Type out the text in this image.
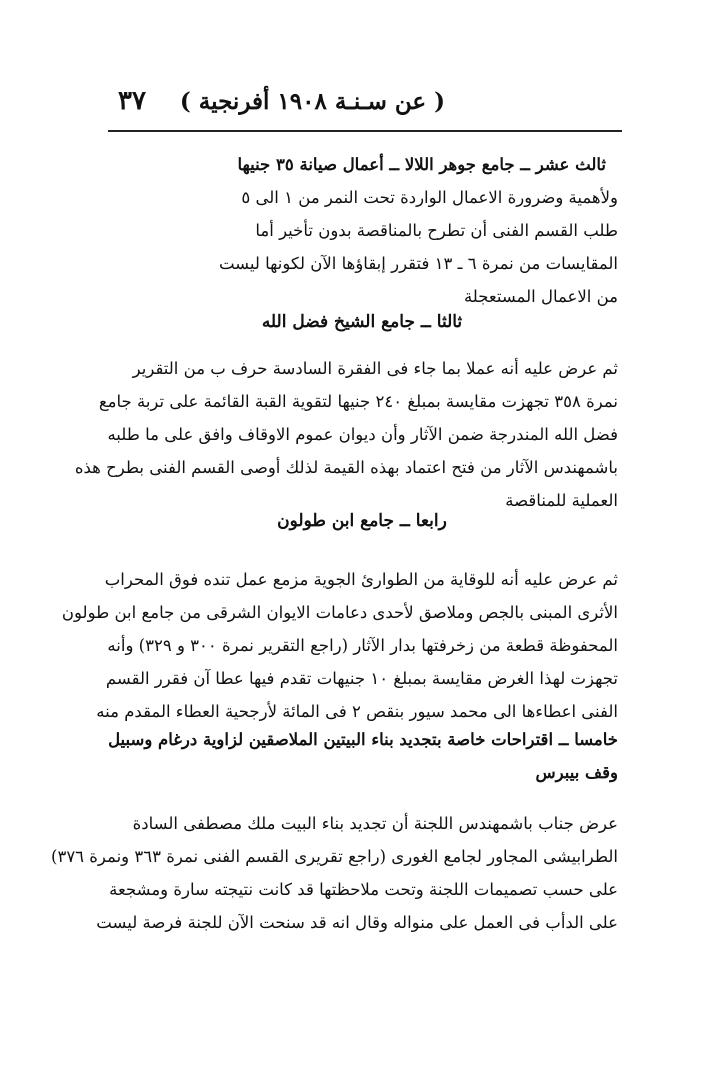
( عن سـنـة ١٩٠٨ أفرنجية )
٣٧
ثالث عشر ــ جامع جوهر اللالا ــ أعمال صيانة ٣٥ جنيها
ولأهمية وضرورة الاعمال الواردة تحت النمر من ١ الى ٥
طلب القسم الفنى أن تطرح بالمناقصة بدون تأخير أما
المقايسات من نمرة ٦ ـ ١٣ فتقرر إبقاؤها الآن لكونها ليست
من الاعمال المستعجلة
ثالثا ــ جامع الشيخ فضل الله
ثم عرض عليه أنه عملا بما جاء فى الفقرة السادسة حرف ب من التقرير
نمرة ٣٥٨ تجهزت مقايسة بمبلغ ٢٤٠ جنيها لتقوية القبة القائمة على تربة جامع
فضل الله المندرجة ضمن الآثار وأن ديوان عموم الاوقاف وافق على ما طلبه
باشمهندس الآثار من فتح اعتماد بهذه القيمة لذلك أوصى القسم الفنى بطرح هذه
العملية للمناقصة
رابعا ــ جامع ابن طولون
ثم عرض عليه أنه للوقاية من الطوارئ الجوية مزمع عمل تنده فوق المحراب
الأثرى المبنى بالجص وملاصق لأحدى دعامات الايوان الشرقى من جامع ابن طولون
المحفوظة قطعة من زخرفتها بدار الآثار (راجع التقرير نمرة ٣٠٠ و ٣٢٩) وأنه
تجهزت لهذا الغرض مقايسة بمبلغ ١٠ جنيهات تقدم فيها عطا آن فقرر القسم
الفنى اعطاءها الى محمد سيور بنقص ٢ فى المائة لأرجحية العطاء المقدم منه
خامسا ــ اقتراحات خاصة بتجديد بناء البيتين الملاصقين لزاوية درغام وسبيل
وقف بيبرس
عرض جناب باشمهندس اللجنة أن تجديد بناء البيت ملك مصطفى السادة
الطرابيشى المجاور لجامع الغورى (راجع تقريرى القسم الفنى نمرة ٣٦٣ ونمرة ٣٧٦)
على حسب تصميمات اللجنة وتحت ملاحظتها قد كانت نتيجته سارة ومشجعة
على الدأب فى العمل على منواله وقال انه قد سنحت الآن للجنة فرصة ليست
